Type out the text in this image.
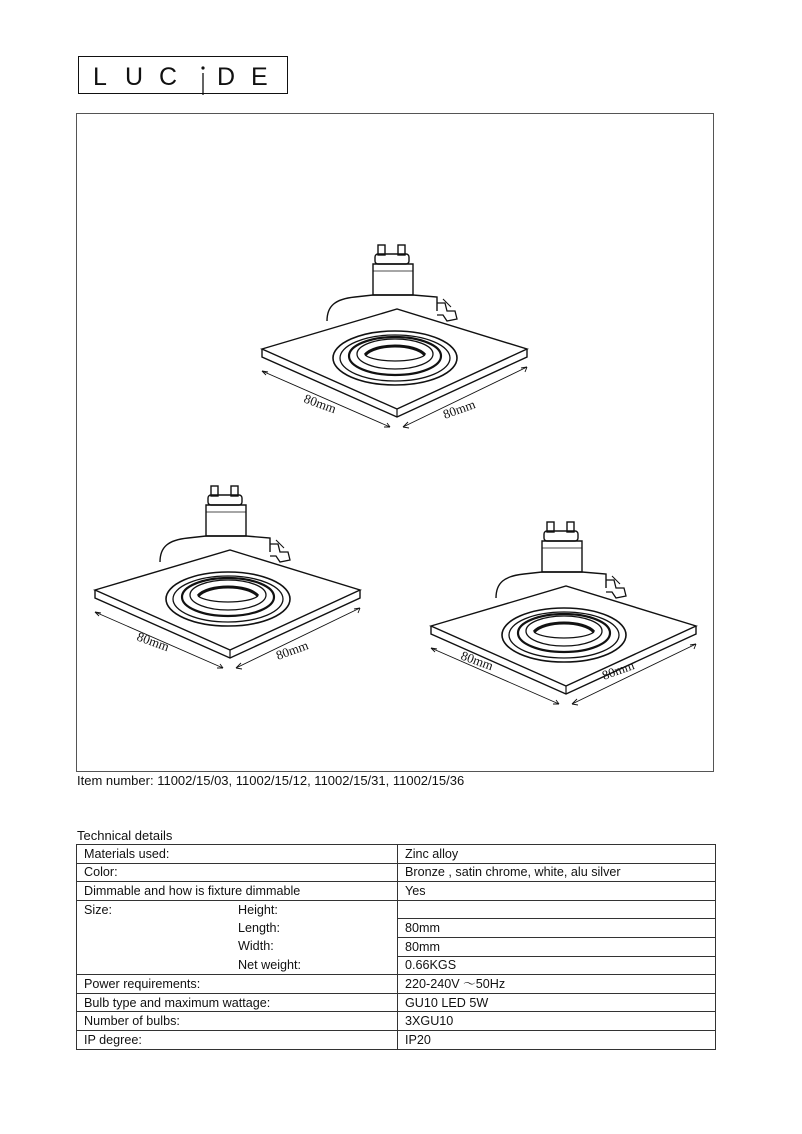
L U C D E
I
80mm	80mm
80mm	80mm	80mm	80mm
Item number: 11002/15/03, 11002/15/12, 11002/15/31, 11002/15/36
Technical details
Materials used:	Zinc alloy
Color:	Bronze , satin chrome, white, alu silver
Dimmable and how is fixture dimmable	Yes
Size: Height:	

Length:	80mm

Width:	80mm

Net weight:	0.66KGS
Power requirements:	220-240V ～50Hz
Bulb type and maximum wattage:	GU10 LED 5W
Number of bulbs:	3XGU10
IP degree:	IP20
